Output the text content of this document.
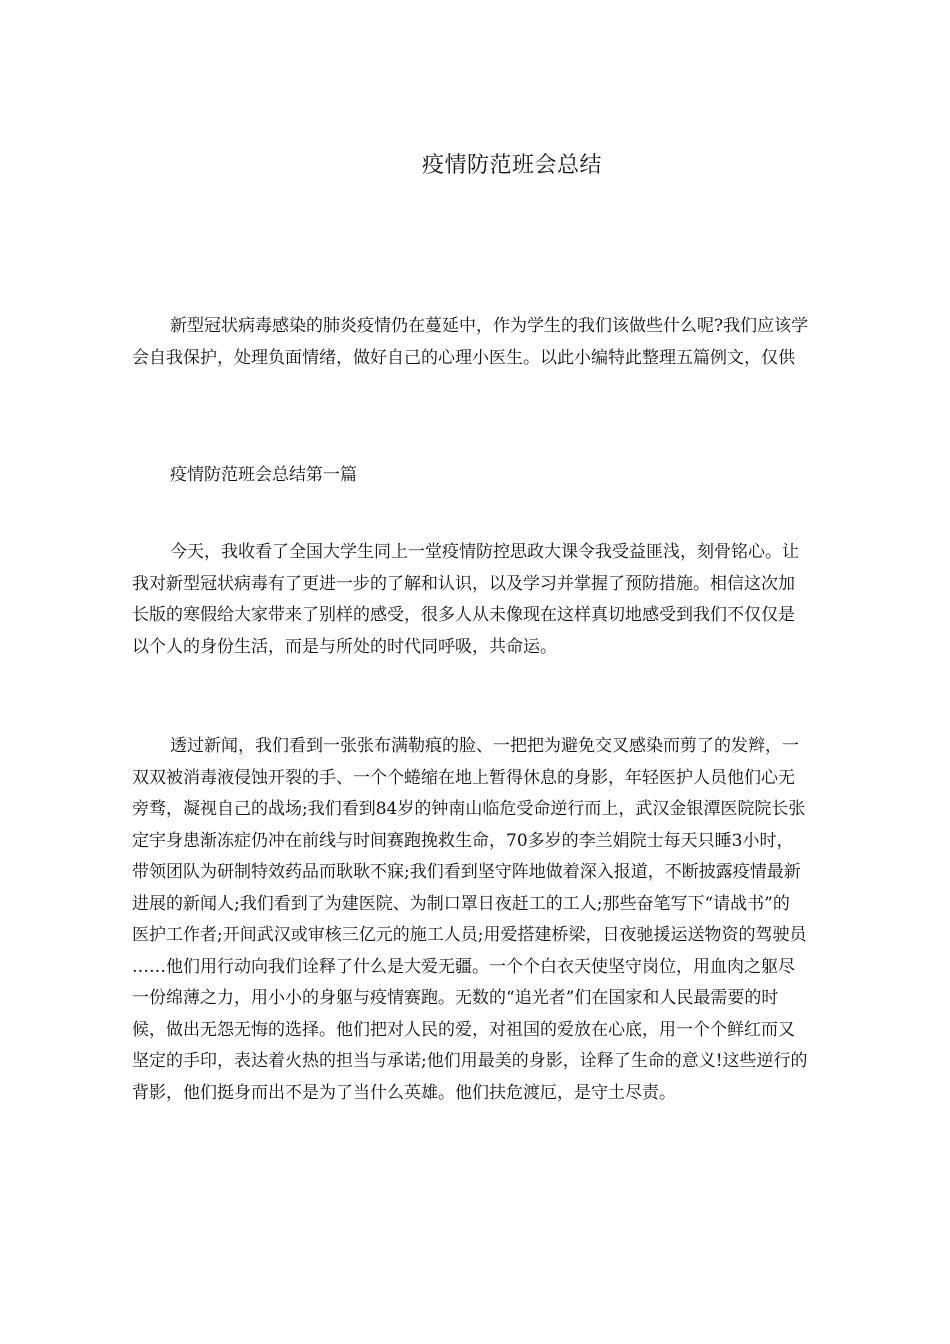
疫情防范班会总结

新型冠状病毒感染的肺炎疫情仍在蔓延中，作为学生的我们该做些什么呢?我们应该学
会自我保护，处理负面情绪，做好自己的心理小医生。以此小编特此整理五篇例文，仅供

疫情防范班会总结第一篇

今天，我收看了全国大学生同上一堂疫情防控思政大课令我受益匪浅，刻骨铭心。让
我对新型冠状病毒有了更进一步的了解和认识，以及学习并掌握了预防措施。相信这次加
长版的寒假给大家带来了别样的感受，很多人从未像现在这样真切地感受到我们不仅仅是
以个人的身份生活，而是与所处的时代同呼吸，共命运。

透过新闻，我们看到一张张布满勒痕的脸、一把把为避免交叉感染而剪了的发辫，一
双双被消毒液侵蚀开裂的手、一个个蜷缩在地上暂得休息的身影，年轻医护人员他们心无
旁骛，凝视自己的战场;我们看到84岁的钟南山临危受命逆行而上，武汉金银潭医院院长张
定宇身患渐冻症仍冲在前线与时间赛跑挽救生命，70多岁的李兰娟院士每天只睡3小时，
带领团队为研制特效药品而耿耿不寐;我们看到坚守阵地做着深入报道，不断披露疫情最新
进展的新闻人;我们看到了为建医院、为制口罩日夜赶工的工人;那些奋笔写下“请战书”的
医护工作者;开间武汉或审核三亿元的施工人员;用爱搭建桥梁，日夜驰援运送物资的驾驶员
……他们用行动向我们诠释了什么是大爱无疆。一个个白衣天使坚守岗位，用血肉之躯尽
一份绵薄之力，用小小的身躯与疫情赛跑。无数的“追光者”们在国家和人民最需要的时
候，做出无怨无悔的选择。他们把对人民的爱，对祖国的爱放在心底，用一个个鲜红而又
坚定的手印，表达着火热的担当与承诺;他们用最美的身影，诠释了生命的意义!这些逆行的
背影，他们挺身而出不是为了当什么英雄。他们扶危渡厄，是守土尽责。
